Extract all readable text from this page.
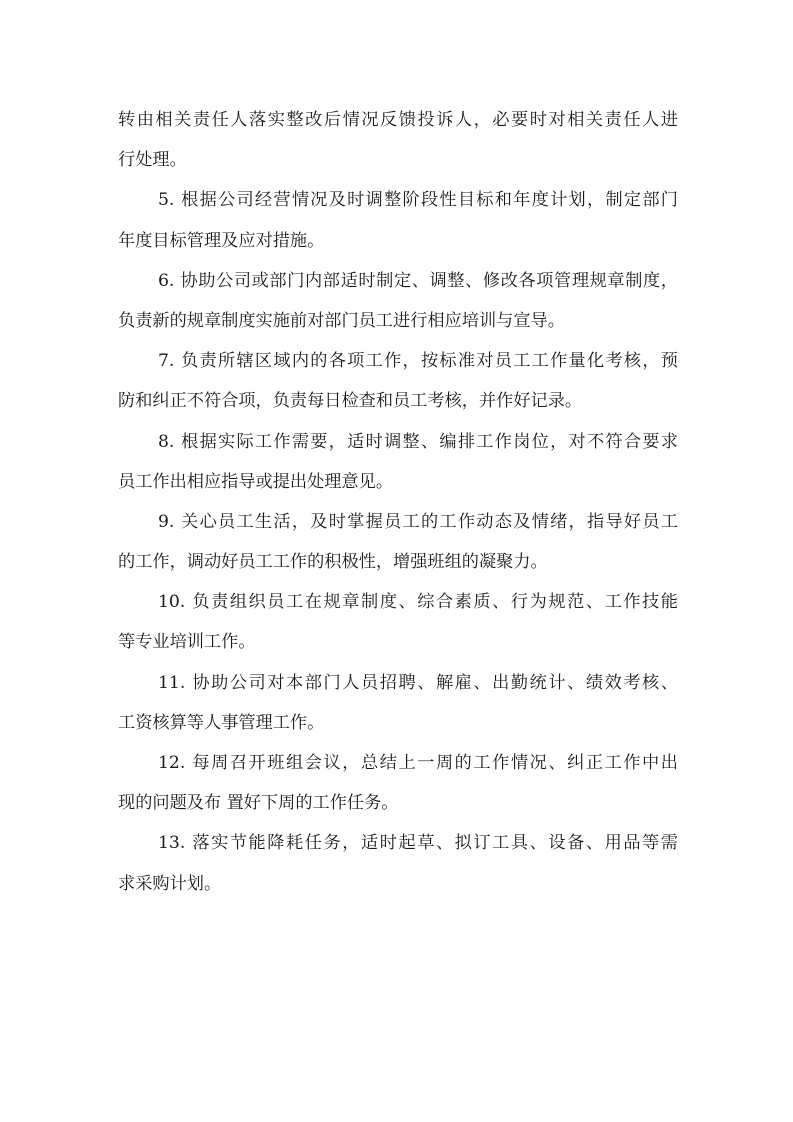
转由相关责任人落实整改后情况反馈投诉人，必要时对相关责任人进
行处理。
5. 根据公司经营情况及时调整阶段性目标和年度计划，制定部门
年度目标管理及应对措施。
6. 协助公司或部门内部适时制定、调整、修改各项管理规章制度，
负责新的规章制度实施前对部门员工进行相应培训与宣导。
7. 负责所辖区域内的各项工作，按标准对员工工作量化考核，预
防和纠正不符合项，负责每日检查和员工考核，并作好记录。
8. 根据实际工作需要，适时调整、编排工作岗位，对不符合要求
员工作出相应指导或提出处理意见。
9. 关心员工生活，及时掌握员工的工作动态及情绪，指导好员工
的工作，调动好员工工作的积极性，增强班组的凝聚力。
10. 负责组织员工在规章制度、综合素质、行为规范、工作技能
等专业培训工作。
11. 协助公司对本部门人员招聘、解雇、出勤统计、绩效考核、
工资核算等人事管理工作。
12. 每周召开班组会议，总结上一周的工作情况、纠正工作中出
现的问题及布 置好下周的工作任务。
13. 落实节能降耗任务，适时起草、拟订工具、设备、用品等需
求采购计划。
